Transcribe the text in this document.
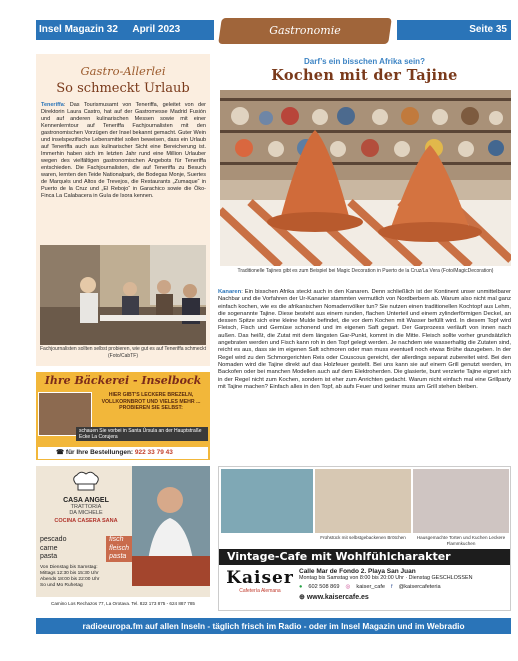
Insel Magazin 32 April 2023	Gastronomie	Seite 35
Gastro-Allerlei
So schmeckt Urlaub
Teneriffa: Das Tourismusamt von Teneriffa, geleitet von der Direktorin Laura Castro, hat auf der Gastromesse Madrid Fusión und auf anderen kulinarischen Messen sowie mit einer Kennenlerntour auf Teneriffa Fachjournalisten mit den gastronomischen Vorzügen der Insel bekannt gemacht. Guter Wein und inselspezifische Lebensmittel sollen beweisen, dass ein Urlaub auf Teneriffa auch aus kulinarischer Sicht eine Bereicherung ist. Immerhin haben sich im letzten Jahr rund eine Million Urlauber wegen des vielfältigen gastronomischen Angebots für Teneriffa entschieden. Die Fachjournalisten, die auf Teneriffa zu Besuch waren, lernten den Teide Nationalpark, die Bodegas Monje, Suertes de Marqués und Altos de Trevejos, die Restaurants „Zumaque“ in Puerto de la Cruz und „El Rebojo“ in Garachico sowie die Öko-Finca La Calabacera in Guía de Isora kennen.
Fachjournalisten sollten selbst probieren, wie gut es auf Teneriffa schmeckt (Foto/CabTF)
Darf’s ein bisschen Afrika sein?
Kochen mit der Tajine
Traditionelle Tajines gibt es zum Beispiel bei Magic Decoration in Puerto de la Cruz/La Vera (Foto/MagicDecoration)
Kanaren: Ein bisschen Afrika steckt auch in den Kanaren. Denn schließlich ist der Kontinent unser unmittelbarer Nachbar und die Vorfahren der Ur-Kanarier stammten vermutlich von Nordberbern ab. Warum also nicht mal ganz einfach kochen, wie es die afrikanischen Nomadenvölker tun? Sie nutzen einen traditionellen Kochtopf aus Lehm, die sogenannte Tajine. Diese besteht aus einem runden, flachen Unterteil und einem zylinderförmigen Deckel, an dessen Spitze sich eine kleine Mulde befindet, die vor dem Kochen mit Wasser befüllt wird. In diesem Topf wird Fleisch, Fisch und Gemüse schonend und im eigenen Saft gegart. Der Garprozess verläuft von innen nach außen. Das heißt, die Zutat mit dem längsten Gar-Punkt, kommt in die Mitte. Fleisch sollte vorher grundsätzlich angebraten werden und Fisch kann roh in den Topf gelegt werden. Je nachdem wie wasserhaltig die Zutaten sind, reicht es aus, dass sie im eigenen Saft schmoren oder man muss eventuell noch etwas Brühe dazugeben. In der Regel wird zu den Schmorgerichten Reis oder Couscous gereicht, der allerdings separat zubereitet wird. Bei den Nomaden wird die Tajine direkt auf das Holzfeuer gestellt. Bei uns kann sie auf einem Grill genutzt werden, im Backofen oder bei manchen Modellen auch auf dem Elektroherden. Die glasierte, bunt verzierte Tajine eignet sich in der Regel nicht zum Kochen, sondern ist eher zum Anrichten gedacht. Warum nicht einfach mal eine Grillparty mit Tajine machen? Einfach alles in den Topf, ab aufs Feuer und keiner muss am Grill stehen bleiben.
Ihre Bäckerei - Inselbock
HIER GIBT'S LECKERE BREZELN, VOLLKORNBROT UND VIELES MEHR ... PROBIEREN SIE SELBST:
schauen Sie vorbei in Santa Úrsula an der Hauptstraße Ecke La Corujera
☎ für Ihre Bestellungen: 922 33 79 43
CASA ANGEL
TRATTORIA
DA MICHELE
COCINA CASERA SANA
pescado
carne
pasta
fisch
fleisch
pasta
Von Dienstag bis Samstag:
Mittags 12:30 bis 15:30 Uhr
Abends 18:00 bis 22:00 Uhr
So und Mo Ruhetag
Camino Los Rechazos 77, La Orotava. Tel. 822 173 875 - 624 887 785
Frühstück mit selbstgebackenen Brötchen	Hausgemachte Torten und Kuchen Leckere Flammkuchen
Vintage-Cafe mit Wohlfühlcharakter
Kaiser
Cafetería Alemana
Calle Mar de Fondo 2. Playa San Juan
Montag bis Samstag von 8:00 bis 20:00 Uhr · Dienstag GESCHLOSSEN
● 602 508 869 ◎ kaiser_cafe f @kaisercafeteria
⊕ www.kaisercafe.es
radioeuropa.fm auf allen Inseln - täglich frisch im Radio - oder im Insel Magazin und im Webradio
